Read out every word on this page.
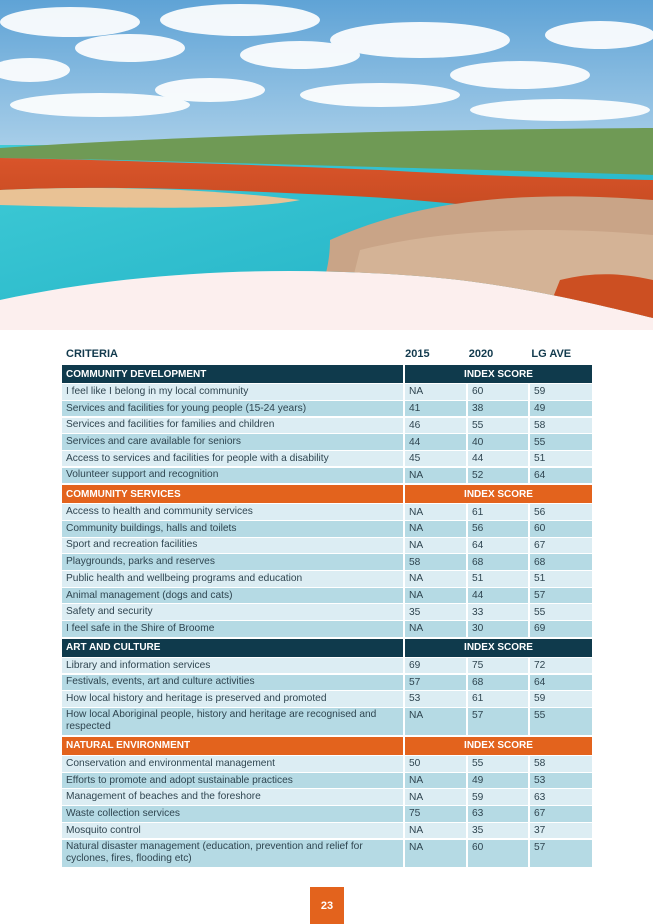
CRITERIA	2015	2020	LG AVE
COMMUNITY DEVELOPMENT	INDEX SCORE
I feel like I belong in my local community	NA	60	59
Services and facilities for young people (15-24 years)	41	38	49
Services and facilities for families and children	46	55	58
Services and care available for seniors	44	40	55
Access to services and facilities for people with a disability	45	44	51
Volunteer support and recognition	NA	52	64
COMMUNITY SERVICES	INDEX SCORE
Access to health and community services	NA	61	56
Community buildings, halls and toilets	NA	56	60
Sport and recreation facilities	NA	64	67
Playgrounds, parks and reserves	58	68	68
Public health and wellbeing programs and education	NA	51	51
Animal management (dogs and cats)	NA	44	57
Safety and security	35	33	55
I feel safe in the Shire of Broome	NA	30	69
ART AND CULTURE	INDEX SCORE
Library and information services	69	75	72
Festivals, events, art and culture activities	57	68	64
How local history and heritage is preserved and promoted	53	61	59
How local Aboriginal people, history and heritage are recognised and respected
NA	57	55
NATURAL ENVIRONMENT	INDEX SCORE
Conservation and environmental management	50	55	58
Efforts to promote and adopt sustainable practices	NA	49	53
Management of beaches and the foreshore	NA	59	63
Waste collection services	75	63	67
Mosquito control	NA	35	37
Natural disaster management (education, prevention and relief for cyclones, fires, flooding etc)
NA	60	57
23
